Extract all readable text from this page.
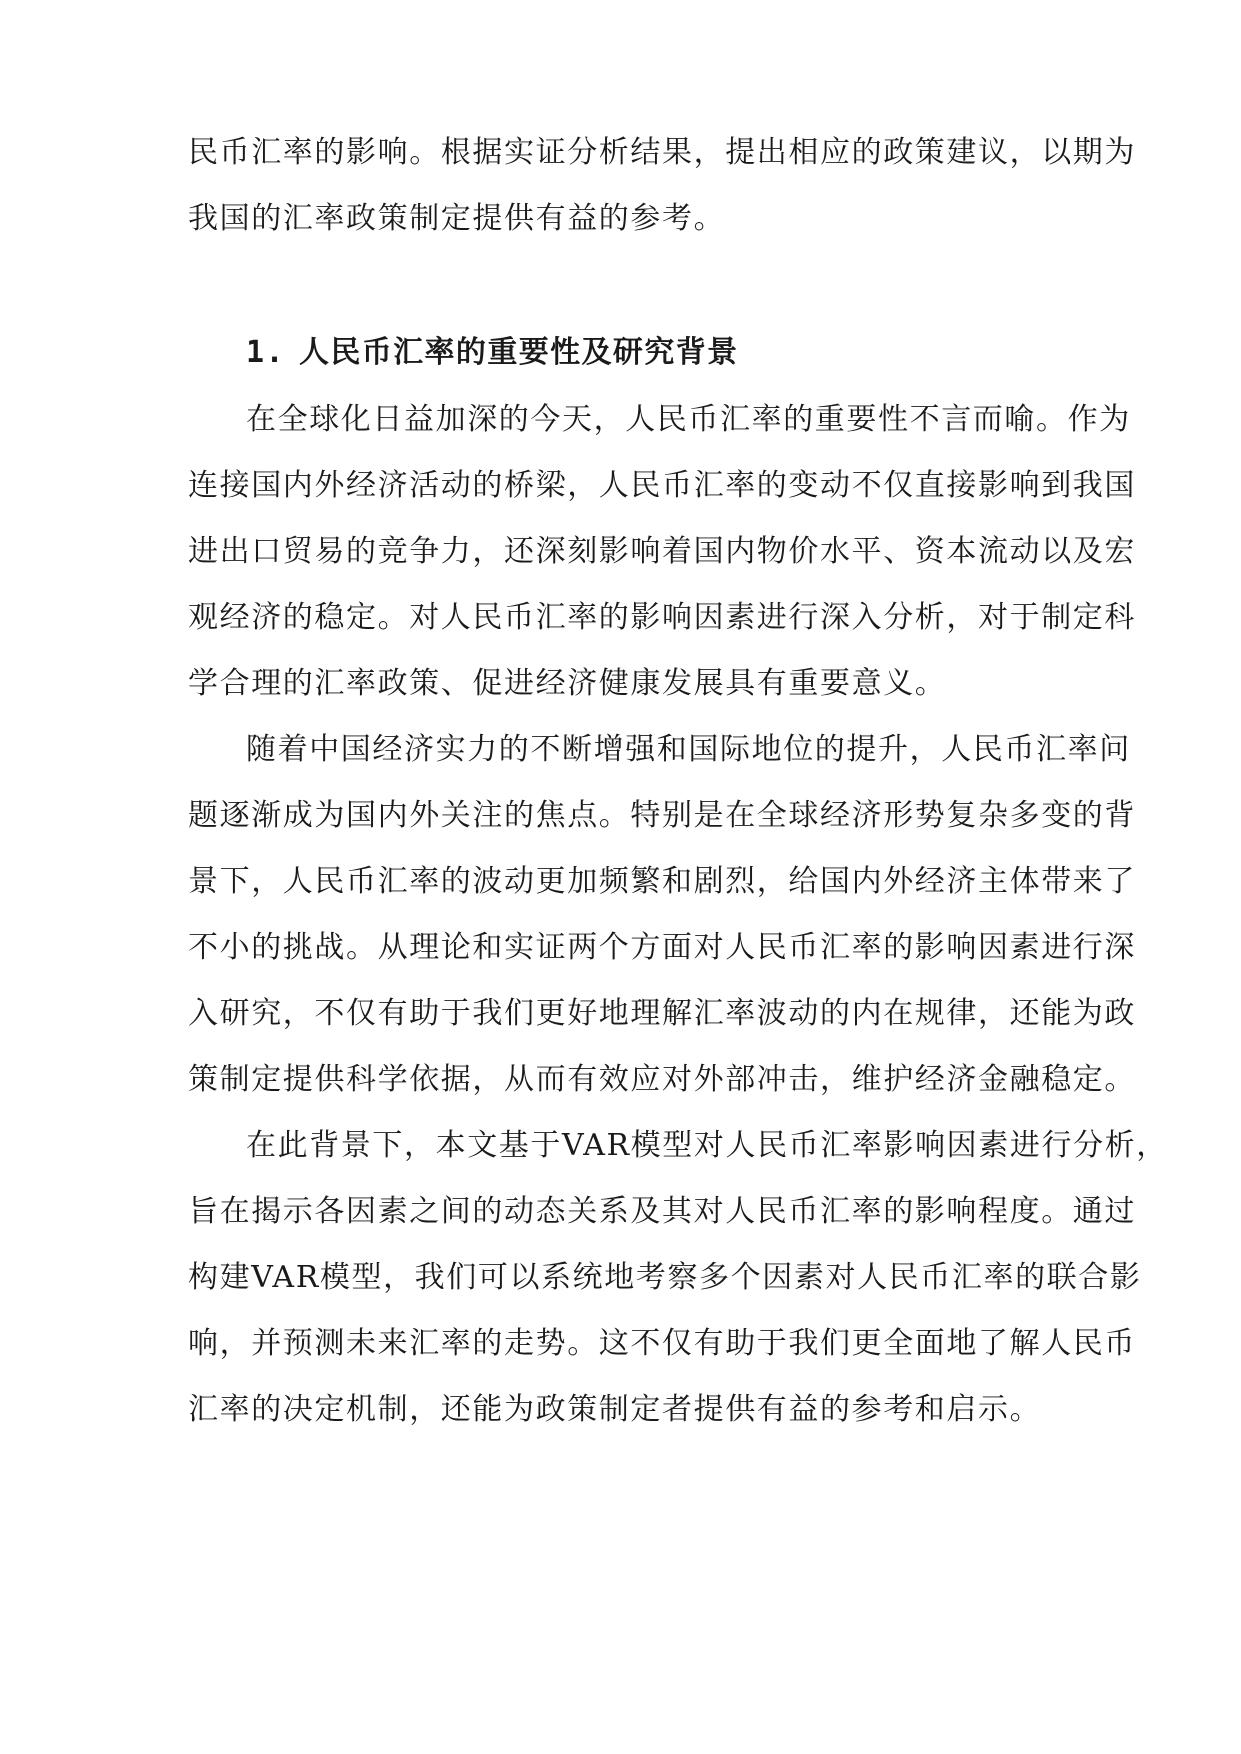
民币汇率的影响。根据实证分析结果，提出相应的政策建议，以期为
我国的汇率政策制定提供有益的参考。
1. 人民币汇率的重要性及研究背景
在全球化日益加深的今天，人民币汇率的重要性不言而喻。作为
连接国内外经济活动的桥梁，人民币汇率的变动不仅直接影响到我国
进出口贸易的竞争力，还深刻影响着国内物价水平、资本流动以及宏
观经济的稳定。对人民币汇率的影响因素进行深入分析，对于制定科
学合理的汇率政策、促进经济健康发展具有重要意义。
随着中国经济实力的不断增强和国际地位的提升，人民币汇率问
题逐渐成为国内外关注的焦点。特别是在全球经济形势复杂多变的背
景下，人民币汇率的波动更加频繁和剧烈，给国内外经济主体带来了
不小的挑战。从理论和实证两个方面对人民币汇率的影响因素进行深
入研究，不仅有助于我们更好地理解汇率波动的内在规律，还能为政
策制定提供科学依据，从而有效应对外部冲击，维护经济金融稳定。
在此背景下，本文基于VAR模型对人民币汇率影响因素进行分析，
旨在揭示各因素之间的动态关系及其对人民币汇率的影响程度。通过
构建VAR模型，我们可以系统地考察多个因素对人民币汇率的联合影
响，并预测未来汇率的走势。这不仅有助于我们更全面地了解人民币
汇率的决定机制，还能为政策制定者提供有益的参考和启示。
